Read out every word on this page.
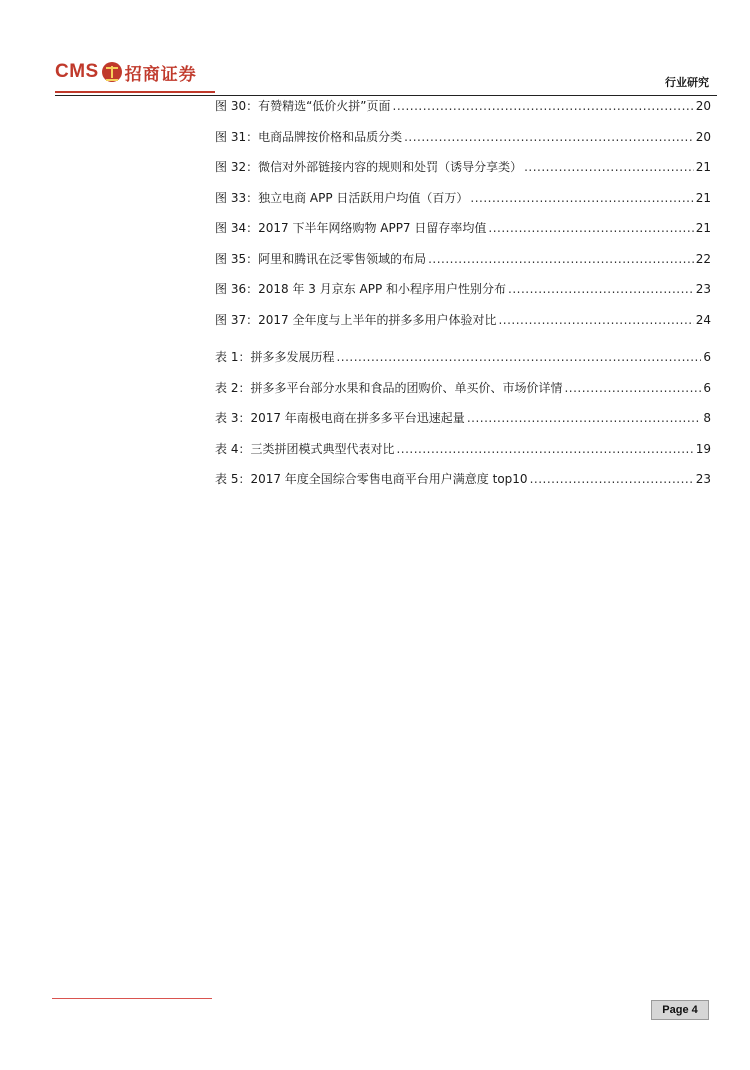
CMS 招商证券	行业研究
图 30：有赞精选“低价火拼”页面 .....	20
图 31：电商品牌按价格和品质分类 .....	20
图 32：微信对外部链接内容的规则和处罚（诱导分享类） .....	21
图 33：独立电商 APP 日活跃用户均值（百万） .....	21
图 34：2017 下半年网络购物 APP7 日留存率均值 .....	21
图 35：阿里和腾讯在泛零售领域的布局 .....	22
图 36：2018 年 3 月京东 APP 和小程序用户性别分布 .....	23
图 37：2017 全年度与上半年的拼多多用户体验对比 .....	24
表 1：拼多多发展历程 .....	6
表 2：拼多多平台部分水果和食品的团购价、单买价、市场价详情 .....	6
表 3：2017 年南极电商在拼多多平台迅速起量 .....	8
表 4：三类拼团模式典型代表对比 .....	19
表 5：2017 年度全国综合零售电商平台用户满意度 top10 .....	23
Page 4
